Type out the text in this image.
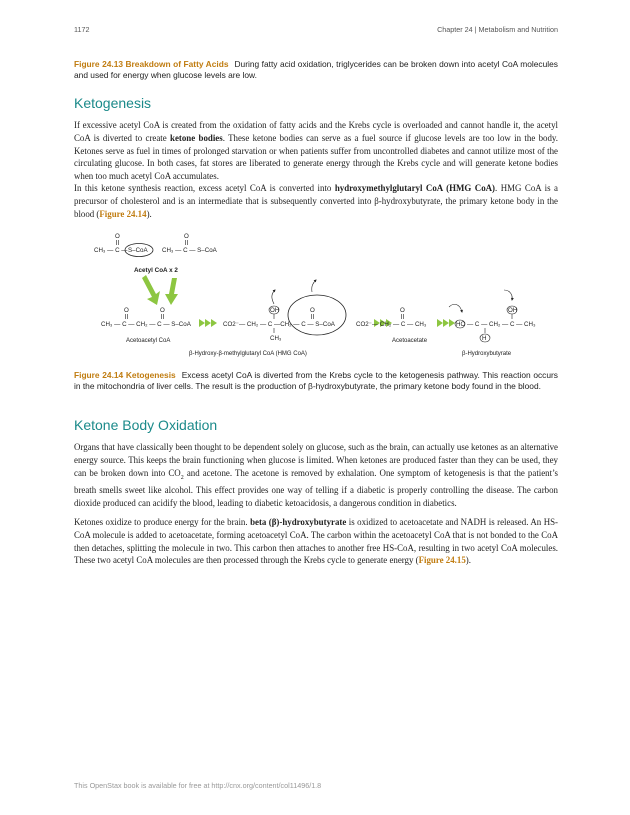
1172	Chapter 24 | Metabolism and Nutrition
Figure 24.13 Breakdown of Fatty Acids During fatty acid oxidation, triglycerides can be broken down into acetyl CoA molecules and used for energy when glucose levels are low.
Ketogenesis

If excessive acetyl CoA is created from the oxidation of fatty acids and the Krebs cycle is overloaded and cannot handle it, the acetyl CoA is diverted to create ketone bodies. These ketone bodies can serve as a fuel source if glucose levels are too low in the body. Ketones serve as fuel in times of prolonged starvation or when patients suffer from uncontrolled diabetes and cannot utilize most of the circulating glucose. In both cases, fat stores are liberated to generate energy through the Krebs cycle and will generate ketone bodies when too much acetyl CoA accumulates.

In this ketone synthesis reaction, excess acetyl CoA is converted into hydroxymethylglutaryl CoA (HMG CoA). HMG CoA is a precursor of cholesterol and is an intermediate that is subsequently converted into β-hydroxybutyrate, the primary ketone body in the blood (Figure 24.14).

O
CH₃ — C — S–CoA
O
CH₃ — C — S–CoA
Acetyl CoA x 2
O	O
CH₃ — C — CH₂ — C — S–CoA
OH	O
CO2⁻— CH₂ — C —CH₂ — C — S–CoA
CH₃
O
CO2⁻— CH₂ — C — CH₃
OH
HO — C — CH₂ — C — CH₃
H
Acetoacetyl CoA
β-Hydroxy-β-methylglutaryl CoA (HMG CoA)
Acetoacetate
β-Hydroxybutyrate
Figure 24.14 Ketogenesis Excess acetyl CoA is diverted from the Krebs cycle to the ketogenesis pathway. This reaction occurs in the mitochondria of liver cells. The result is the production of β-hydroxybutyrate, the primary ketone body found in the blood.
Ketone Body Oxidation

Organs that have classically been thought to be dependent solely on glucose, such as the brain, can actually use ketones as an alternative energy source. This keeps the brain functioning when glucose is limited. When ketones are produced faster than they can be used, they can be broken down into $CO_2$ and acetone. The acetone is removed by exhalation. One symptom of ketogenesis is that the patient’s breath smells sweet like alcohol. This effect provides one way of telling if a diabetic is properly controlling the disease. The carbon dioxide produced can acidify the blood, leading to diabetic ketoacidosis, a dangerous condition in diabetics.

Ketones oxidize to produce energy for the brain. beta (β)-hydroxybutyrate is oxidized to acetoacetate and NADH is released. An HS-CoA molecule is added to acetoacetate, forming acetoacetyl CoA. The carbon within the acetoacetyl CoA that is not bonded to the CoA then detaches, splitting the molecule in two. This carbon then attaches to another free HS-CoA, resulting in two acetyl CoA molecules. These two acetyl CoA molecules are then processed through the Krebs cycle to generate energy (Figure 24.15).

This OpenStax book is available for free at http://cnx.org/content/col11496/1.8
